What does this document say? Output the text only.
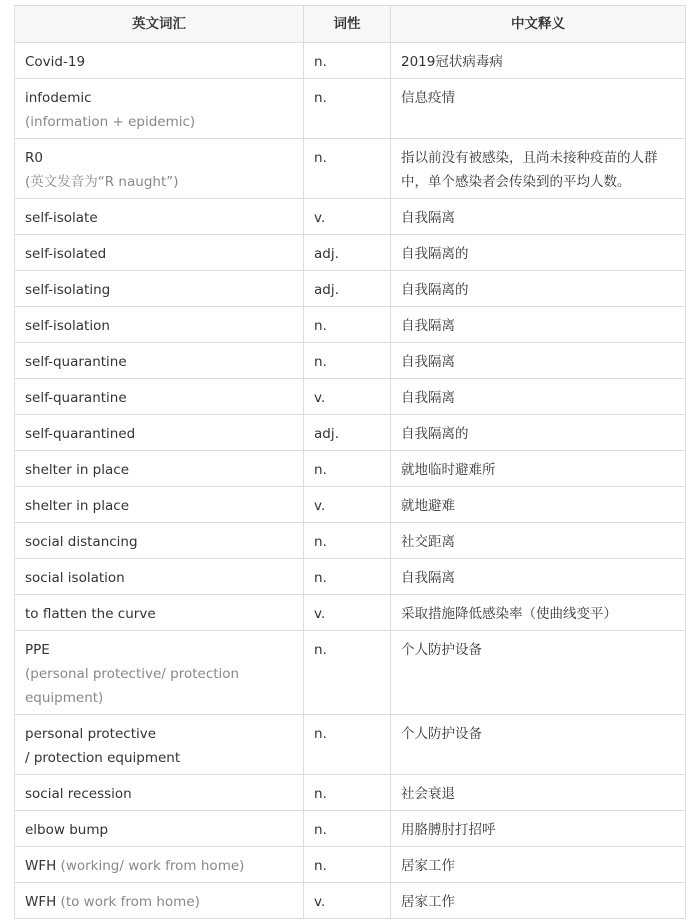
英文词汇	词性	中文释义

Covid-19	n.	2019冠状病毒病

infodemic
(information + epidemic)	n.	信息疫情

R0
(英文发音为“R naught”)	n.	指以前没有被感染，且尚未接种疫苗的人群中，单个感染者会传染到的平均人数。

self-isolate	v.	自我隔离

self-isolated	adj.	自我隔离的

self-isolating	adj.	自我隔离的

self-isolation	n.	自我隔离

self-quarantine	n.	自我隔离

self-quarantine	v.	自我隔离

self-quarantined	adj.	自我隔离的

shelter in place	n.	就地临时避难所

shelter in place	v.	就地避难

social distancing	n.	社交距离

social isolation	n.	自我隔离

to flatten the curve	v.	采取措施降低感染率（使曲线变平）

PPE
(personal protective/ protection equipment)	n.	个人防护设备

personal protective
/ protection equipment	n.	个人防护设备

social recession	n.	社会衰退

elbow bump	n.	用胳膊肘打招呼
WFH (working/ work from home)	n.	居家工作
WFH (to work from home)	v.	居家工作
